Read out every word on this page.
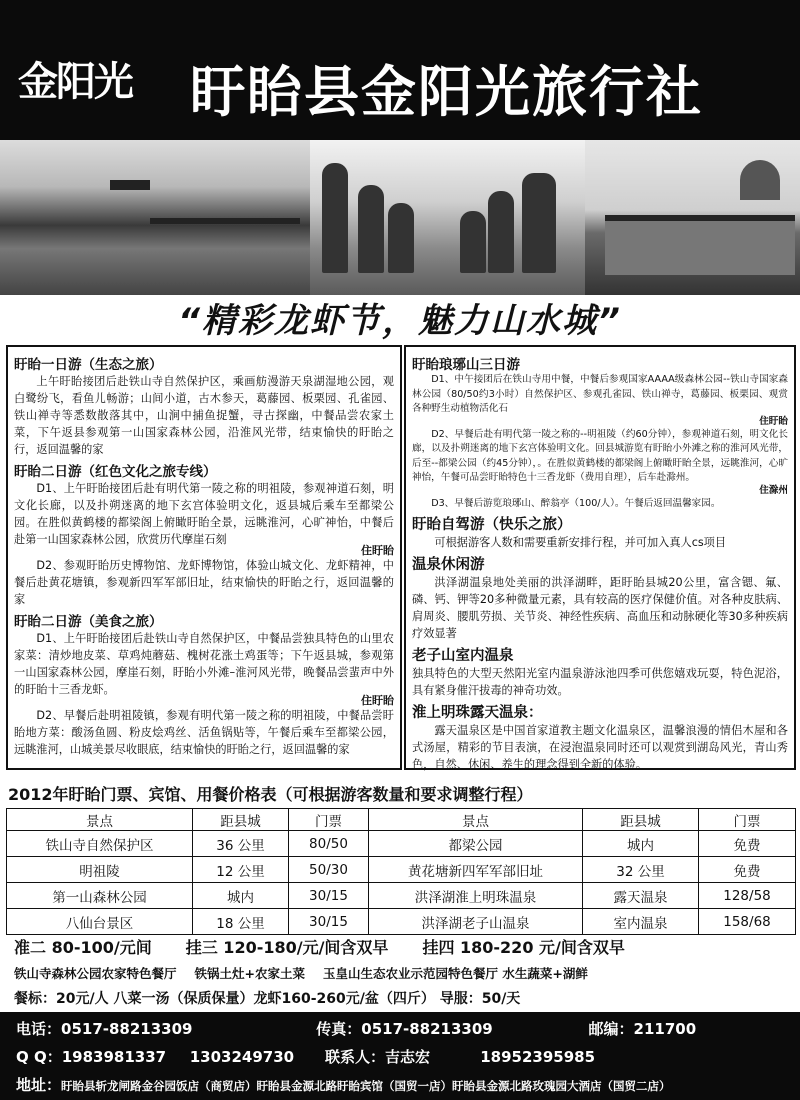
金阳光	盱眙县金阳光旅行社
“精彩龙虾节，魅力山水城”
盱眙一日游（生态之旅）

上午盱眙接团后赴铁山寺自然保护区，乘画舫漫游天泉湖湿地公园，观白鹭纷飞，看鱼儿畅游；山间小道，古木参天，葛藤园、板栗园、孔雀园、铁山禅寺等悉数散落其中，山涧中捕鱼捉蟹，寻古探幽，中餐品尝农家土菜，下午返县参观第一山国家森林公园，沿淮风光带，结束愉快的盱眙之行，返回温馨的家

盱眙二日游（红色文化之旅专线）

D1、上午盱眙接团后赴有明代第一陵之称的明祖陵，参观神道石刻，明文化长廊，以及扑朔迷离的地下玄宫体验明文化，返县城后乘车至都梁公园。在胜似黄鹤楼的都梁阁上俯瞰盱眙全景，远眺淮河，心旷神怡，中餐后赴第一山国家森林公园，欣赏历代摩崖石刻

住盱眙

D2、参观盱眙历史博物馆、龙虾博物馆，体验山城文化、龙虾精神，中餐后赴黄花塘镇，参观新四军军部旧址，结束愉快的盱眙之行，返回温馨的家

盱眙二日游（美食之旅）

D1、上午盱眙接团后赴铁山寺自然保护区，中餐品尝独具特色的山里农家菜：清炒地皮菜、草鸡炖蘑菇、槐树花涨土鸡蛋等；下午返县城，参观第一山国家森林公园，摩崖石刻，盱眙小外滩–淮河风光带，晚餐品尝蜚声中外的盱眙十三香龙虾。

住盱眙

D2、早餐后赴明祖陵镇，参观有明代第一陵之称的明祖陵，中餐品尝盱眙地方菜：酸汤鱼圆、粉皮烩鸡丝、活鱼锅贴等，午餐后乘车至都梁公园，远眺淮河，山城美景尽收眼底，结束愉快的盱眙之行，返回温馨的家

盱眙琅琊山三日游

D1、中午接团后在铁山寺用中餐，中餐后参观国家AAAA级森林公园--铁山寺国家森林公园（80/50约3小时）自然保护区、参观孔雀园、铁山禅寺，葛藤园、板栗园、观赏各种野生动植物活化石

住盱眙

D2、早餐后赴有明代第一陵之称的--明祖陵（约60分钟），参观神道石刻，明文化长廊，以及扑朔迷离的地下玄宫体验明文化。回县城游览有盱眙小外滩之称的淮河风光带，后至--都梁公园（约45分钟），。在胜似黄鹤楼的都梁阁上俯瞰盱眙全景，远眺淮河，心旷神怡，午餐可品尝盱眙特色十三香龙虾（费用自理），后车赴滁州。

住滁州

D3、早餐后游览琅琊山、醉翁亭（100/人）。午餐后返回温馨家园。

盱眙自驾游（快乐之旅）

可根据游客人数和需要重新安排行程，并可加入真人cs项目

温泉休闲游

洪泽湖温泉地处美丽的洪泽湖畔，距盱眙县城20公里，富含锶、氟、磷、钙、钾等20多种微量元素，具有较高的医疗保健价值。对各种皮肤病、肩周炎、腰肌劳损、关节炎、神经性疾病、高血压和动脉硬化等30多种疾病疗效显著

老子山室内温泉

独具特色的大型天然阳光室内温泉游泳池四季可供您嬉戏玩耍，特色泥浴，具有紧身催汗拔毒的神奇功效。

淮上明珠露天温泉：

露天温泉区是中国首家道教主题文化温泉区，温馨浪漫的情侣木屋和各式汤屋，精彩的节目表演，在浸泡温泉同时还可以观赏到湖岛风光，青山秀色，自然、休闲、养生的理念得到全新的体验。

2012年盱眙门票、宾馆、用餐价格表（可根据游客数量和要求调整行程）
景点	距县城	门票	景点	距县城	门票
铁山寺自然保护区	36 公里	80/50	都梁公园	城内	免费
明祖陵	12 公里	50/30	黄花塘新四军军部旧址	32 公里	免费
第一山森林公园	城内	30/15	洪泽湖淮上明珠温泉	露天温泉	128/58
八仙台景区	18 公里	30/15	洪泽湖老子山温泉	室内温泉	158/68
准二 80-100/元间 挂三 120-180/元/间含双早 挂四 180-220 元/间含双早
铁山寺森林公园农家特色餐厅 铁锅土灶+农家土菜 玉皇山生态农业示范园特色餐厅 水生蔬菜+湖鲜
餐标：20元/人 八菜一汤（保质保量）龙虾160-260元/盆（四斤） 导服：50/天
电话：0517-88213309	传真：0517-88213309	邮编：211700
Q Q：1983981337 1303249730 联系人：吉志宏	18952395985
地址：盱眙县斩龙闸路金谷园饭店（商贸店）盱眙县金源北路盱眙宾馆（国贸一店）盱眙县金源北路玫瑰园大酒店（国贸二店）
